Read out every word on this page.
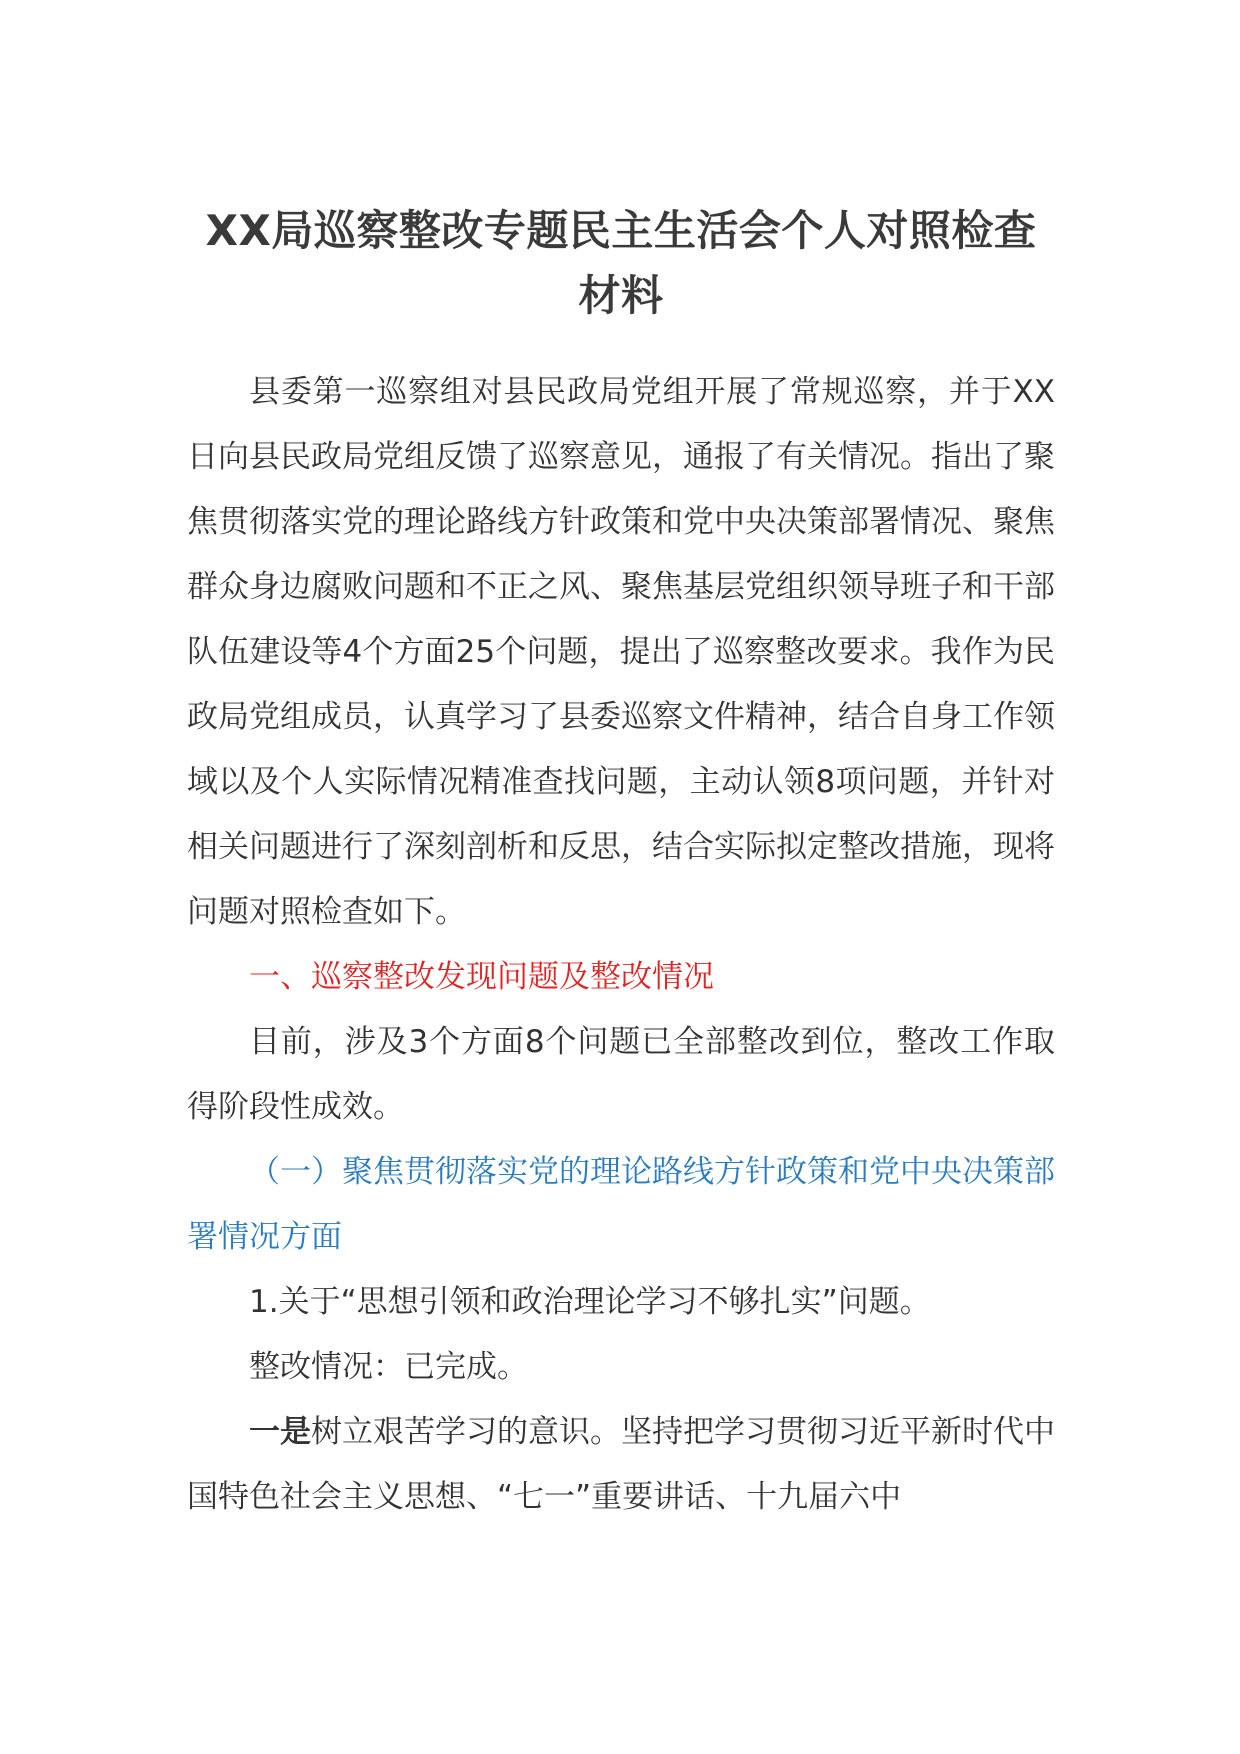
XX局巡察整改专题民主生活会个人对照检查材料

县委第一巡察组对县民政局党组开展了常规巡察，并于XX日向县民政局党组反馈了巡察意见，通报了有关情况。指出了聚焦贯彻落实党的理论路线方针政策和党中央决策部署情况、聚焦群众身边腐败问题和不正之风、聚焦基层党组织领导班子和干部队伍建设等4个方面25个问题，提出了巡察整改要求。我作为民政局党组成员，认真学习了县委巡察文件精神，结合自身工作领域以及个人实际情况精准查找问题，主动认领8项问题，并针对相关问题进行了深刻剖析和反思，结合实际拟定整改措施，现将问题对照检查如下。

一、巡察整改发现问题及整改情况

目前，涉及3个方面8个问题已全部整改到位，整改工作取得阶段性成效。

（一）聚焦贯彻落实党的理论路线方针政策和党中央决策部署情况方面

1.关于“思想引领和政治理论学习不够扎实”问题。

整改情况：已完成。

一是树立艰苦学习的意识。坚持把学习贯彻习近平新时代中国特色社会主义思想、“七一”重要讲话、十九届六中
